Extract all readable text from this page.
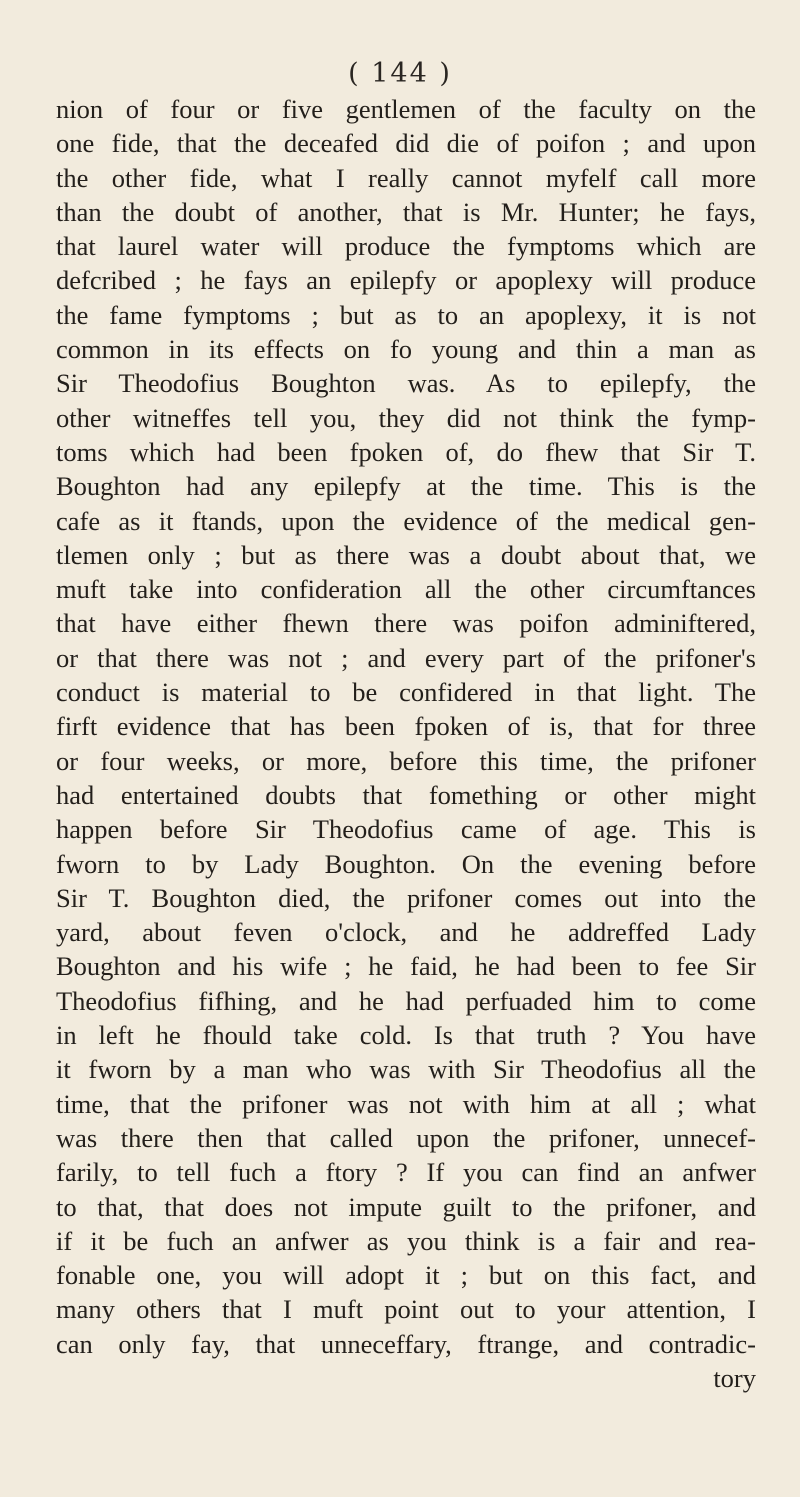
( 144 )
nion of four or five gentlemen of the faculty on the
one fide, that the deceafed did die of poifon ; and upon
the other fide, what I really cannot myfelf call more
than the doubt of another, that is Mr. Hunter; he fays,
that laurel water will produce the fymptoms which are
defcribed ; he fays an epilepfy or apoplexy will produce
the fame fymptoms ; but as to an apoplexy, it is not
common in its effects on fo young and thin a man as
Sir Theodofius Boughton was. As to epilepfy, the
other witneffes tell you, they did not think the fymp-
toms which had been fpoken of, do fhew that Sir T.
Boughton had any epilepfy at the time. This is the
cafe as it ftands, upon the evidence of the medical gen-
tlemen only ; but as there was a doubt about that, we
muft take into confideration all the other circumftances
that have either fhewn there was poifon adminiftered,
or that there was not ; and every part of the prifoner's
conduct is material to be confidered in that light. The
firft evidence that has been fpoken of is, that for three
or four weeks, or more, before this time, the prifoner
had entertained doubts that fomething or other might
happen before Sir Theodofius came of age. This is
fworn to by Lady Boughton. On the evening before
Sir T. Boughton died, the prifoner comes out into the
yard, about feven o'clock, and he addreffed Lady
Boughton and his wife ; he faid, he had been to fee Sir
Theodofius fifhing, and he had perfuaded him to come
in left he fhould take cold. Is that truth ? You have
it fworn by a man who was with Sir Theodofius all the
time, that the prifoner was not with him at all ; what
was there then that called upon the prifoner, unnecef-
farily, to tell fuch a ftory ? If you can find an anfwer
to that, that does not impute guilt to the prifoner, and
if it be fuch an anfwer as you think is a fair and rea-
fonable one, you will adopt it ; but on this fact, and
many others that I muft point out to your attention, I
can only fay, that unneceffary, ftrange, and contradic-
tory
